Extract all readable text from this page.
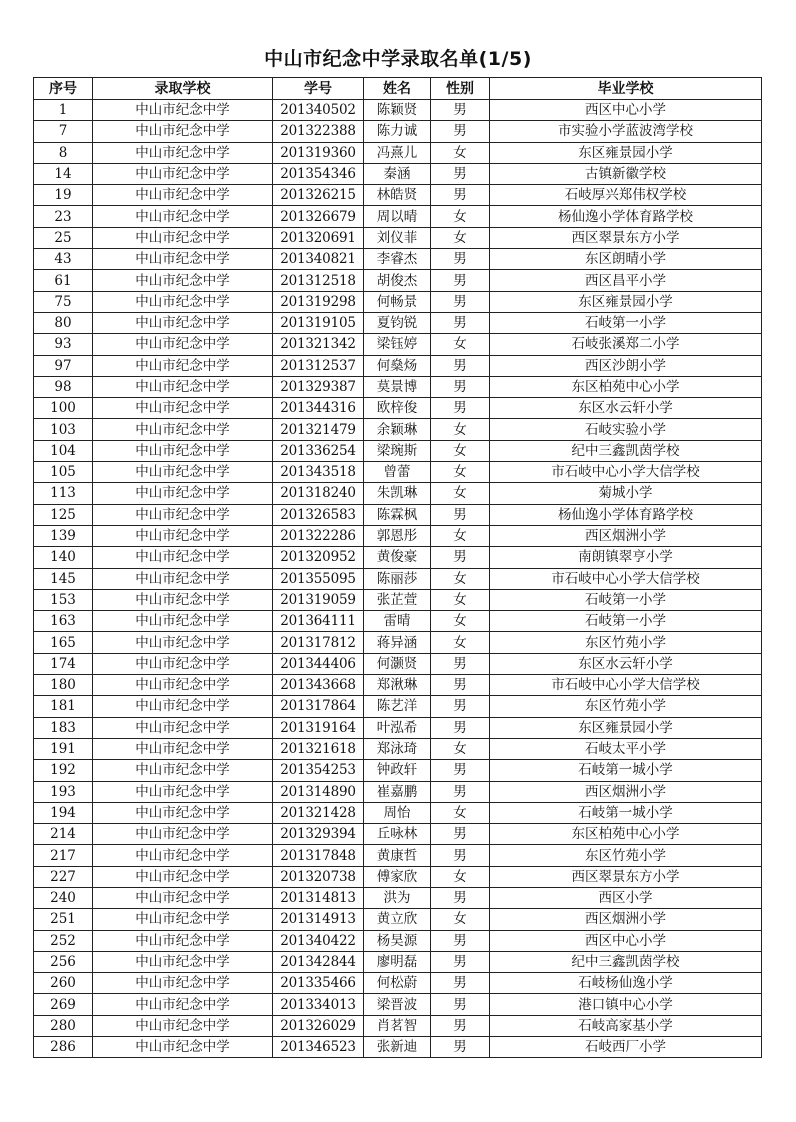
中山市纪念中学录取名单(1/5)
序号	录取学校	学号	姓名	性别	毕业学校
1	中山市纪念中学	201340502	陈颖贤	男	西区中心小学
7	中山市纪念中学	201322388	陈力诚	男	市实验小学蓝波湾学校
8	中山市纪念中学	201319360	冯熹儿	女	东区雍景园小学
14	中山市纪念中学	201354346	秦涵	男	古镇新徽学校
19	中山市纪念中学	201326215	林皓贤	男	石岐厚兴郑伟权学校
23	中山市纪念中学	201326679	周以晴	女	杨仙逸小学体育路学校
25	中山市纪念中学	201320691	刘仪菲	女	西区翠景东方小学
43	中山市纪念中学	201340821	李睿杰	男	东区朗晴小学
61	中山市纪念中学	201312518	胡俊杰	男	西区昌平小学
75	中山市纪念中学	201319298	何畅景	男	东区雍景园小学
80	中山市纪念中学	201319105	夏钧锐	男	石岐第一小学
93	中山市纪念中学	201321342	梁钰婷	女	石岐张溪郑二小学
97	中山市纪念中学	201312537	何燊炀	男	西区沙朗小学
98	中山市纪念中学	201329387	莫景博	男	东区柏苑中心小学
100	中山市纪念中学	201344316	欧梓俊	男	东区水云轩小学
103	中山市纪念中学	201321479	余颖琳	女	石岐实验小学
104	中山市纪念中学	201336254	梁琬斯	女	纪中三鑫凯茵学校
105	中山市纪念中学	201343518	曾蕾	女	市石岐中心小学大信学校
113	中山市纪念中学	201318240	朱凯琳	女	菊城小学
125	中山市纪念中学	201326583	陈霖枫	男	杨仙逸小学体育路学校
139	中山市纪念中学	201322286	郭恩彤	女	西区烟洲小学
140	中山市纪念中学	201320952	黄俊豪	男	南朗镇翠亨小学
145	中山市纪念中学	201355095	陈丽莎	女	市石岐中心小学大信学校
153	中山市纪念中学	201319059	张芷萱	女	石岐第一小学
163	中山市纪念中学	201364111	雷晴	女	石岐第一小学
165	中山市纪念中学	201317812	蒋异涵	女	东区竹苑小学
174	中山市纪念中学	201344406	何灏贤	男	东区水云轩小学
180	中山市纪念中学	201343668	郑湫琳	男	市石岐中心小学大信学校
181	中山市纪念中学	201317864	陈艺洋	男	东区竹苑小学
183	中山市纪念中学	201319164	叶泓希	男	东区雍景园小学
191	中山市纪念中学	201321618	郑泳琦	女	石岐太平小学
192	中山市纪念中学	201354253	钟政轩	男	石岐第一城小学
193	中山市纪念中学	201314890	崔嘉鹏	男	西区烟洲小学
194	中山市纪念中学	201321428	周怡	女	石岐第一城小学
214	中山市纪念中学	201329394	丘咏林	男	东区柏苑中心小学
217	中山市纪念中学	201317848	黄康哲	男	东区竹苑小学
227	中山市纪念中学	201320738	傅家欣	女	西区翠景东方小学
240	中山市纪念中学	201314813	洪为	男	西区小学
251	中山市纪念中学	201314913	黄立欣	女	西区烟洲小学
252	中山市纪念中学	201340422	杨昊源	男	西区中心小学
256	中山市纪念中学	201342844	廖明磊	男	纪中三鑫凯茵学校
260	中山市纪念中学	201335466	何松蔚	男	石岐杨仙逸小学
269	中山市纪念中学	201334013	梁晋波	男	港口镇中心小学
280	中山市纪念中学	201326029	肖茗智	男	石岐高家基小学
286	中山市纪念中学	201346523	张新迪	男	石岐西厂小学
